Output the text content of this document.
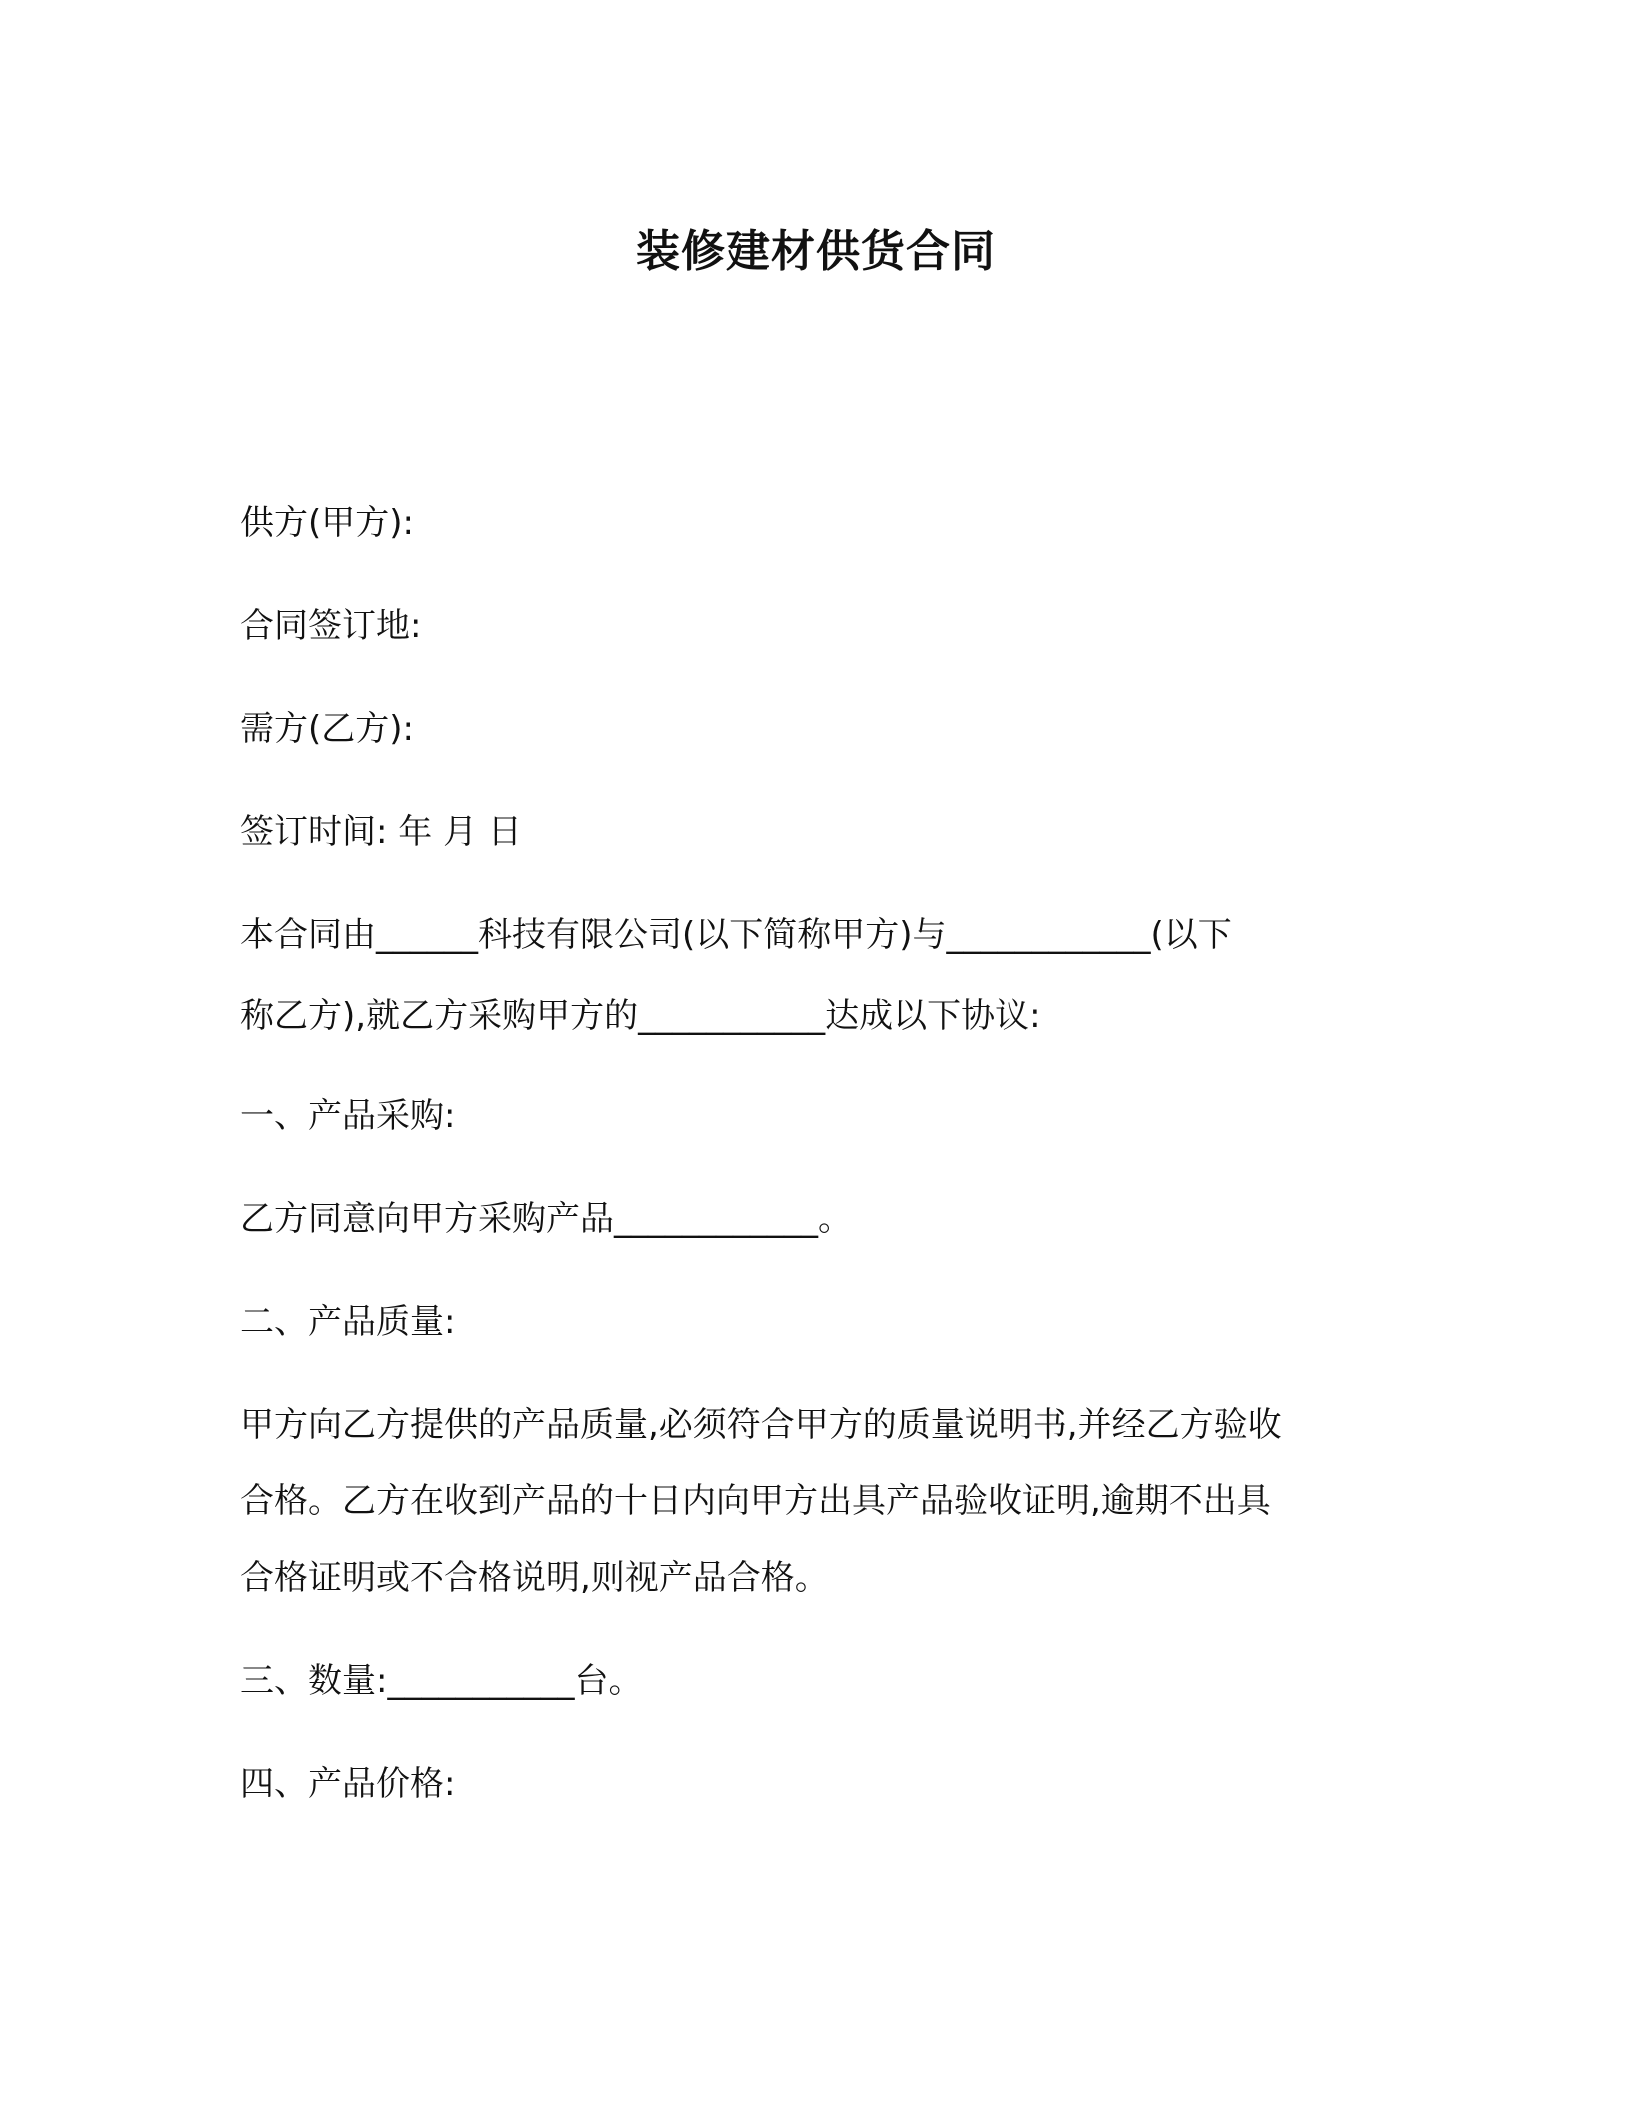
装修建材供货合同
供方(甲方):
合同签订地:
需方(乙方):
签订时间: 年 月 日
本合同由______科技有限公司(以下简称甲方)与____________(以下
称乙方),就乙方采购甲方的___________达成以下协议:
一、产品采购:
乙方同意向甲方采购产品____________。
二、产品质量:
甲方向乙方提供的产品质量,必须符合甲方的质量说明书,并经乙方验收
合格。乙方在收到产品的十日内向甲方出具产品验收证明,逾期不出具
合格证明或不合格说明,则视产品合格。
三、数量:___________台。
四、产品价格:
